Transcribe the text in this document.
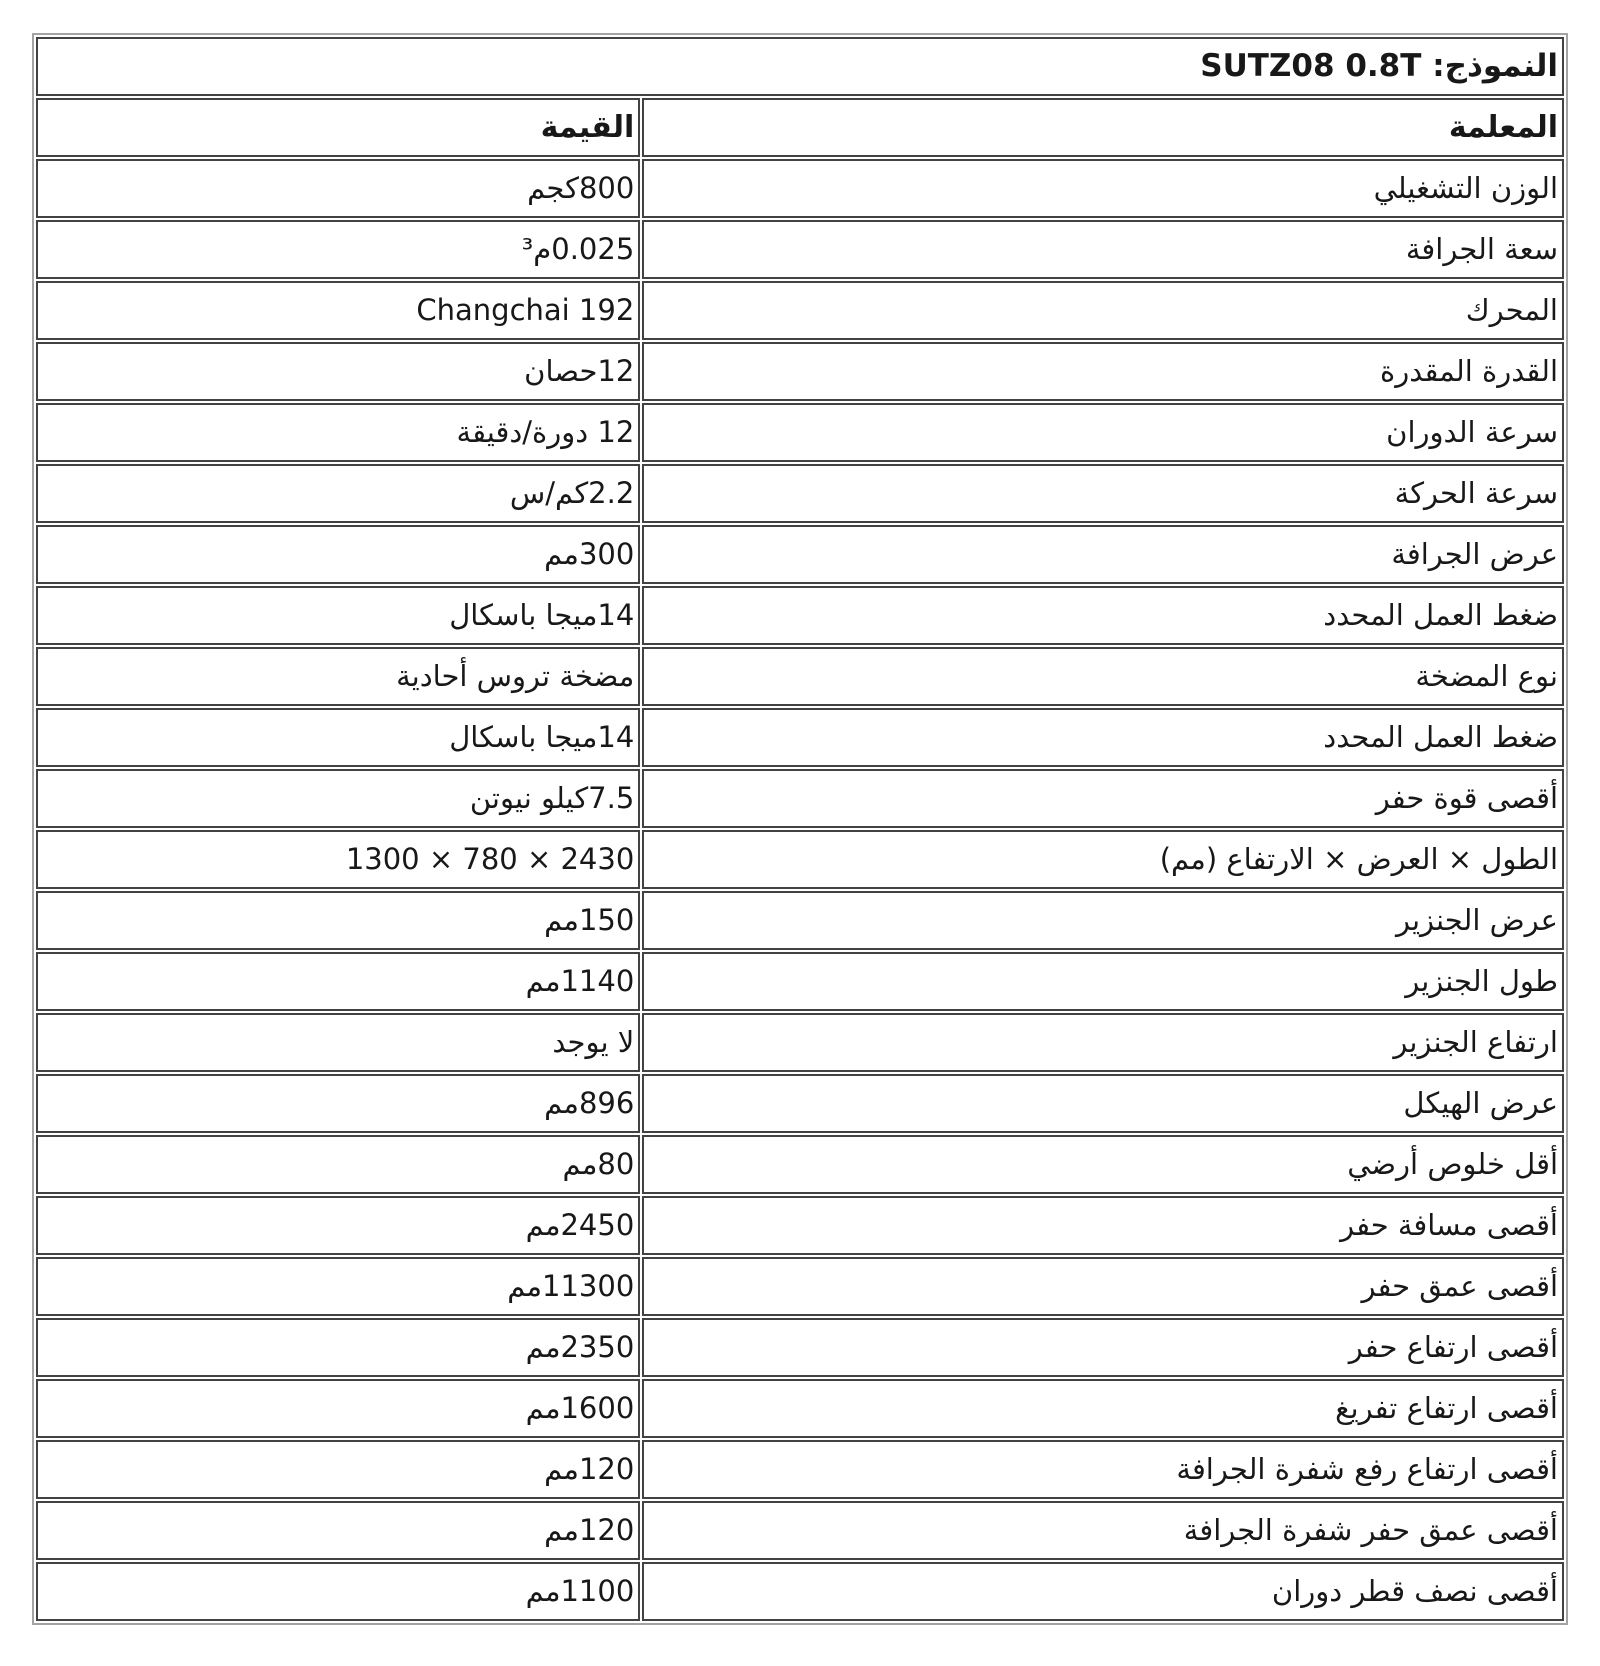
النموذج: SUTZ08 0.8T	
المعلمة	القيمة
الوزن التشغيلي	800كجم
سعة الجرافة	0.025م³
المحرك	Changchai 192
القدرة المقدرة	12حصان
سرعة الدوران	12 دورة/دقيقة
سرعة الحركة	2.2كم/س
عرض الجرافة	300مم
ضغط العمل المحدد	14ميجا باسكال
نوع المضخة	مضخة تروس أحادية
ضغط العمل المحدد	14ميجا باسكال
أقصى قوة حفر	7.5كيلو نيوتن
الطول × العرض × الارتفاع (مم)	2430 × 780 × 1300
عرض الجنزير	150مم
طول الجنزير	1140مم
ارتفاع الجنزير	لا يوجد
عرض الهيكل	896مم
أقل خلوص أرضي	80مم
أقصى مسافة حفر	2450مم
أقصى عمق حفر	11300مم
أقصى ارتفاع حفر	2350مم
أقصى ارتفاع تفريغ	1600مم
أقصى ارتفاع رفع شفرة الجرافة	120مم
أقصى عمق حفر شفرة الجرافة	120مم
أقصى نصف قطر دوران	1100مم
